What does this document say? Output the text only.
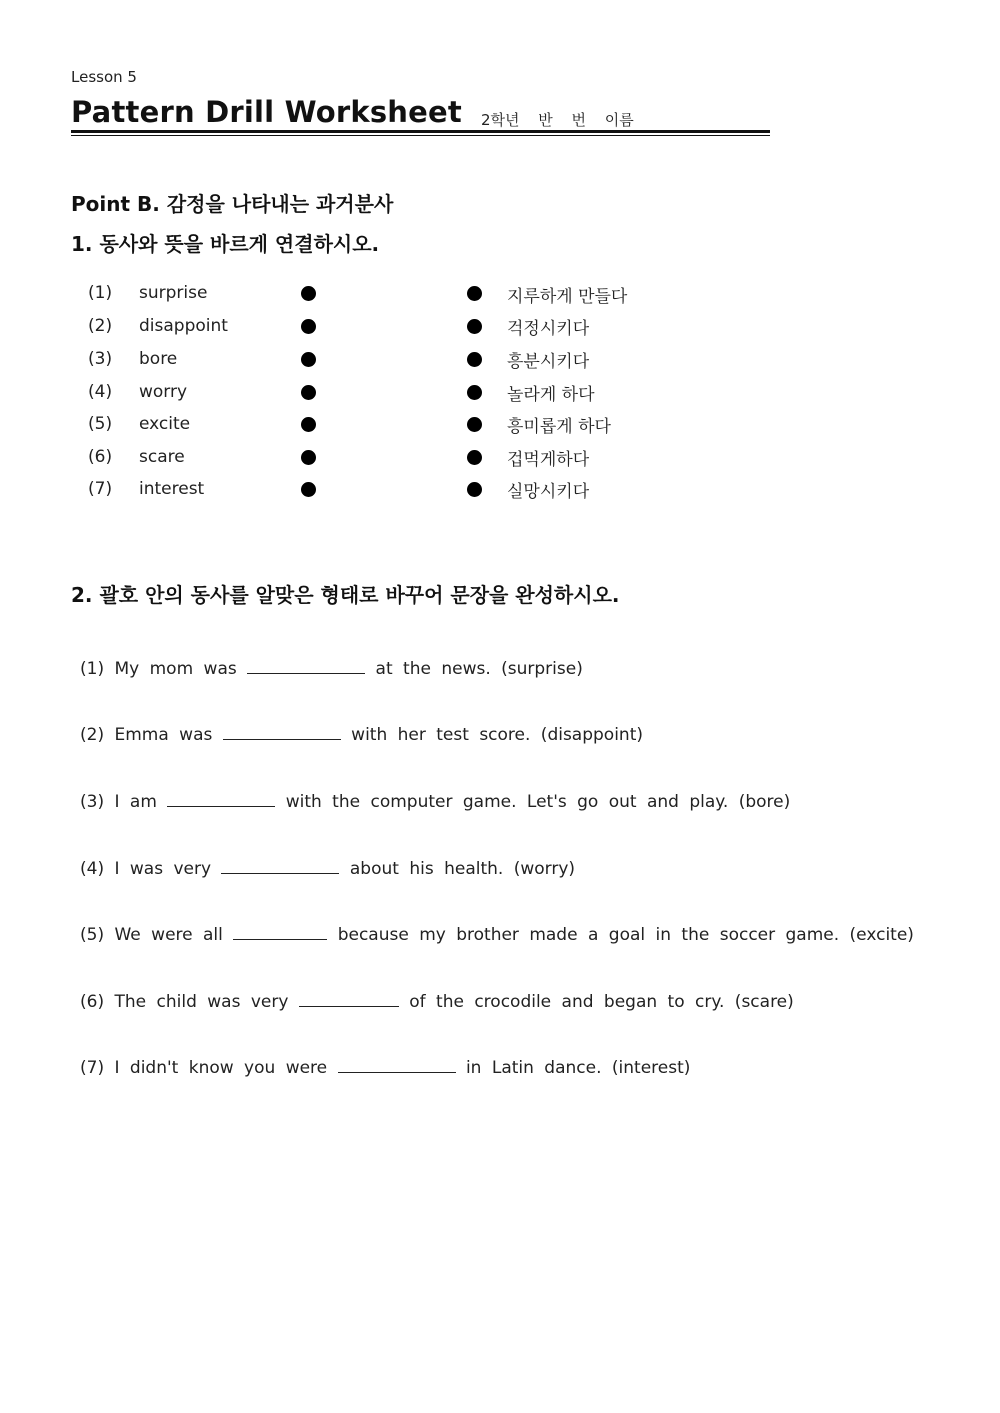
Lesson 5
Pattern Drill Worksheet 2학년 반 번 이름
Point B. 감정을 나타내는 과거분사
1. 동사와 뜻을 바르게 연결하시오.
(1) surprise	지루하게 만들다
(2) disappoint	걱정시키다
(3) bore	흥분시키다
(4) worry	놀라게 하다
(5) excite	흥미롭게 하다
(6) scare	겁먹게하다
(7) interest	실망시키다
2. 괄호 안의 동사를 알맞은 형태로 바꾸어 문장을 완성하시오.
(1) My mom was	at the news. (surprise)
(2) Emma was	with her test score. (disappoint)
(3) I am	with the computer game. Let's go out and play. (bore)
(4) I was very	about his health. (worry)
(5) We were all	because my brother made a goal in the soccer game. (excite)
(6) The child was very	of the crocodile and began to cry. (scare)
(7) I didn't know you were	in Latin dance. (interest)
